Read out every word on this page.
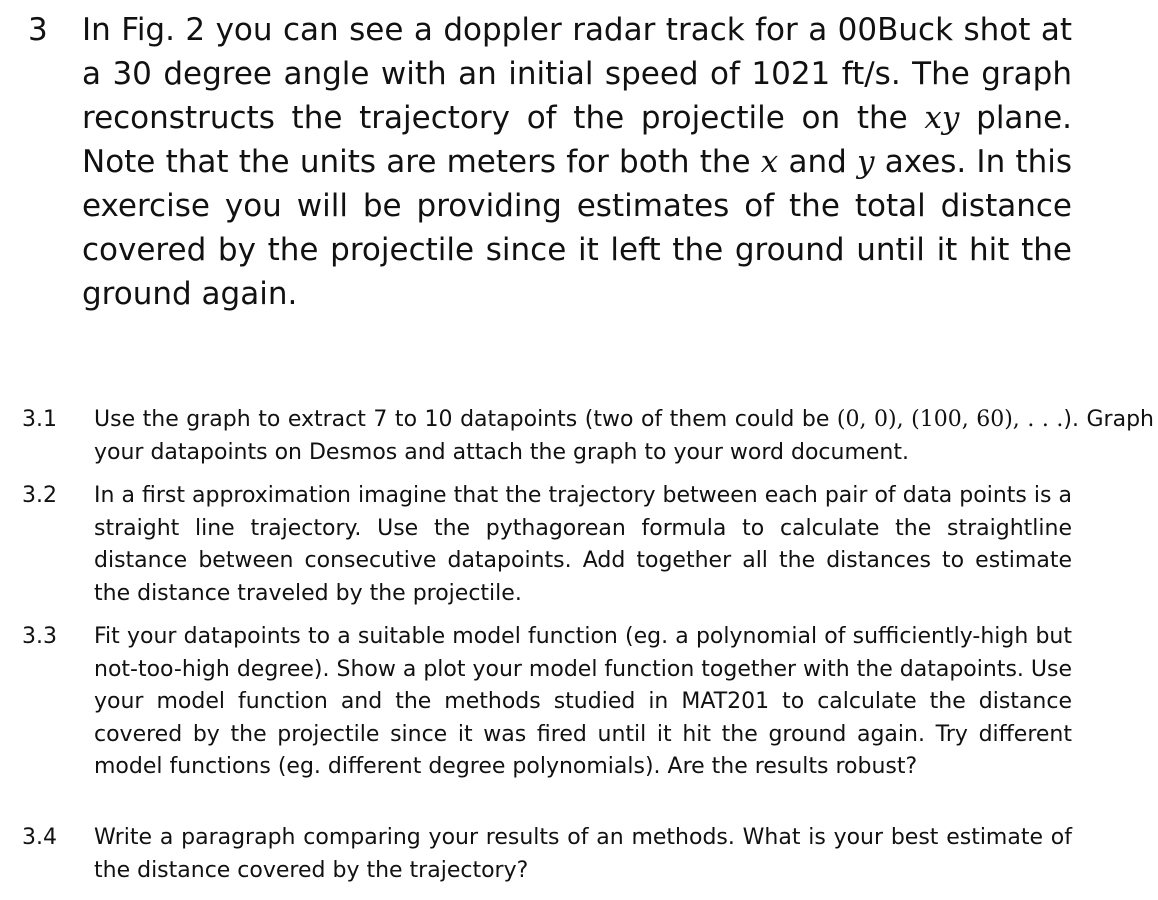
3 In Fig. 2 you can see a doppler radar track for a 00Buck shot at a 30 degree angle with an initial speed of 1021 ft/s. The graph reconstructs the trajectory of the projectile on the xy plane. Note that the units are meters for both the x and y axes. In this exercise you will be providing estimates of the total distance covered by the projectile since it left the ground until it hit the ground again.
3.1 Use the graph to extract 7 to 10 datapoints (two of them could be (0, 0), (100, 60), . . .). Graph your datapoints on Desmos and attach the graph to your word document.
3.2 In a first approximation imagine that the trajectory between each pair of data points is a straight line trajectory. Use the pythagorean formula to calculate the straightline distance between consecutive datapoints. Add together all the distances to estimate the distance traveled by the projectile.
3.3 Fit your datapoints to a suitable model function (eg. a polynomial of sufficiently-high but not-too-high degree). Show a plot your model function together with the datapoints. Use your model function and the methods studied in MAT201 to calculate the distance covered by the projectile since it was fired until it hit the ground again. Try different model functions (eg. different degree polynomials). Are the results robust?
3.4 Write a paragraph comparing your results of an methods. What is your best estimate of the distance covered by the trajectory?
